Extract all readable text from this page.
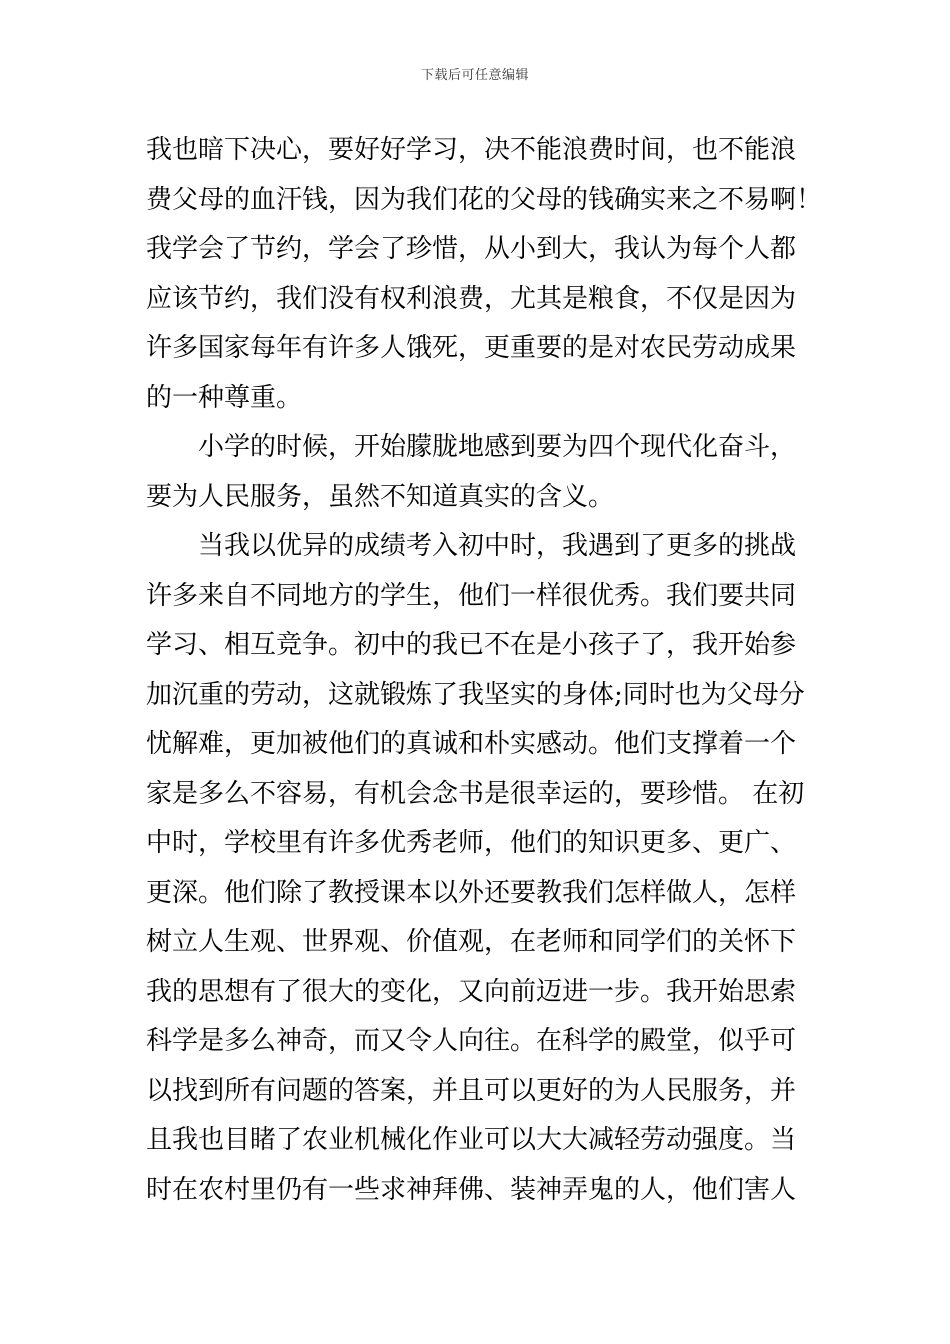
下载后可任意编辑
我也暗下决心，要好好学习，决不能浪费时间，也不能浪
费父母的血汗钱，因为我们花的父母的钱确实来之不易啊！
我学会了节约，学会了珍惜，从小到大，我认为每个人都
应该节约，我们没有权利浪费，尤其是粮食，不仅是因为
许多国家每年有许多人饿死，更重要的是对农民劳动成果
的一种尊重。
小学的时候，开始朦胧地感到要为四个现代化奋斗，
要为人民服务，虽然不知道真实的含义。
当我以优异的成绩考入初中时，我遇到了更多的挑战
许多来自不同地方的学生，他们一样很优秀。我们要共同
学习、相互竞争。初中的我已不在是小孩子了，我开始参
加沉重的劳动，这就锻炼了我坚实的身体;同时也为父母分
忧解难，更加被他们的真诚和朴实感动。他们支撑着一个
家是多么不容易，有机会念书是很幸运的，要珍惜。 在初
中时，学校里有许多优秀老师，他们的知识更多、更广、
更深。他们除了教授课本以外还要教我们怎样做人，怎样
树立人生观、世界观、价值观，在老师和同学们的关怀下
我的思想有了很大的变化，又向前迈进一步。我开始思索
科学是多么神奇，而又令人向往。在科学的殿堂，似乎可
以找到所有问题的答案，并且可以更好的为人民服务，并
且我也目睹了农业机械化作业可以大大减轻劳动强度。当
时在农村里仍有一些求神拜佛、装神弄鬼的人，他们害人
